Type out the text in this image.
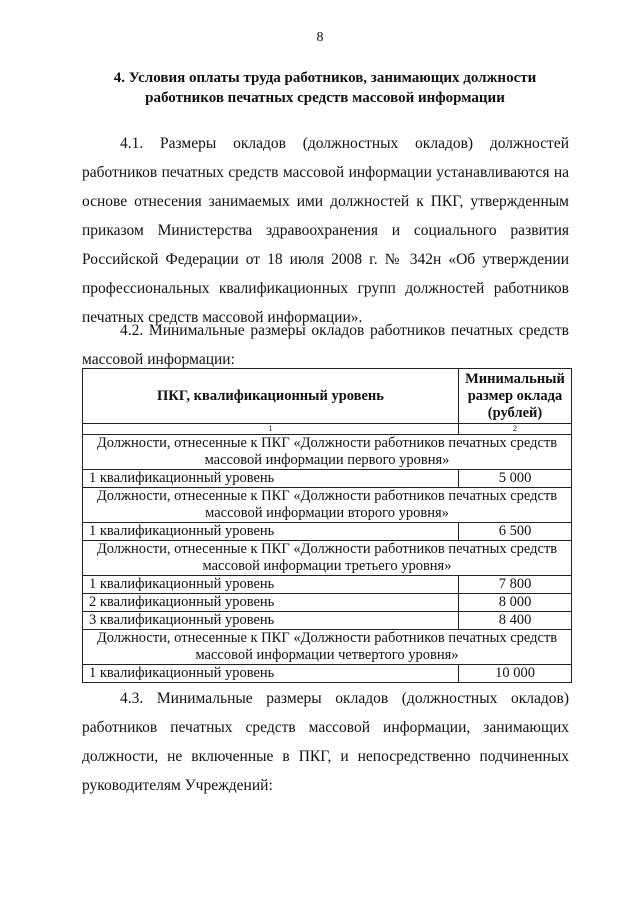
8
4. Условия оплаты труда работников, занимающих должности
работников печатных средств массовой информации
4.1. Размеры окладов (должностных окладов) должностей
работников печатных средств массовой информации устанавливаются на
основе отнесения занимаемых ими должностей к ПКГ, утвержденным
приказом Министерства здравоохранения и социального развития
Российской Федерации от 18 июля 2008 г. № 342н «Об утверждении
профессиональных квалификационных групп должностей работников
печатных средств массовой информации».
4.2. Минимальные размеры окладов работников печатных средств
массовой информации:
ПКГ, квалификационный уровень	Минимальный
размер оклада
(рублей)

1	2

Должности, отнесенные к ПКГ «Должности работников печатных средств
массовой информации первого уровня»	

1 квалификационный уровень	5 000

Должности, отнесенные к ПКГ «Должности работников печатных средств
массовой информации второго уровня»	

1 квалификационный уровень	6 500

Должности, отнесенные к ПКГ «Должности работников печатных средств
массовой информации третьего уровня»	

1 квалификационный уровень	7 800
2 квалификационный уровень	8 000
3 квалификационный уровень	8 400

Должности, отнесенные к ПКГ «Должности работников печатных средств
массовой информации четвертого уровня»	

1 квалификационный уровень	10 000
4.3. Минимальные размеры окладов (должностных окладов)
работников печатных средств массовой информации, занимающих
должности, не включенные в ПКГ, и непосредственно подчиненных
руководителям Учреждений:
